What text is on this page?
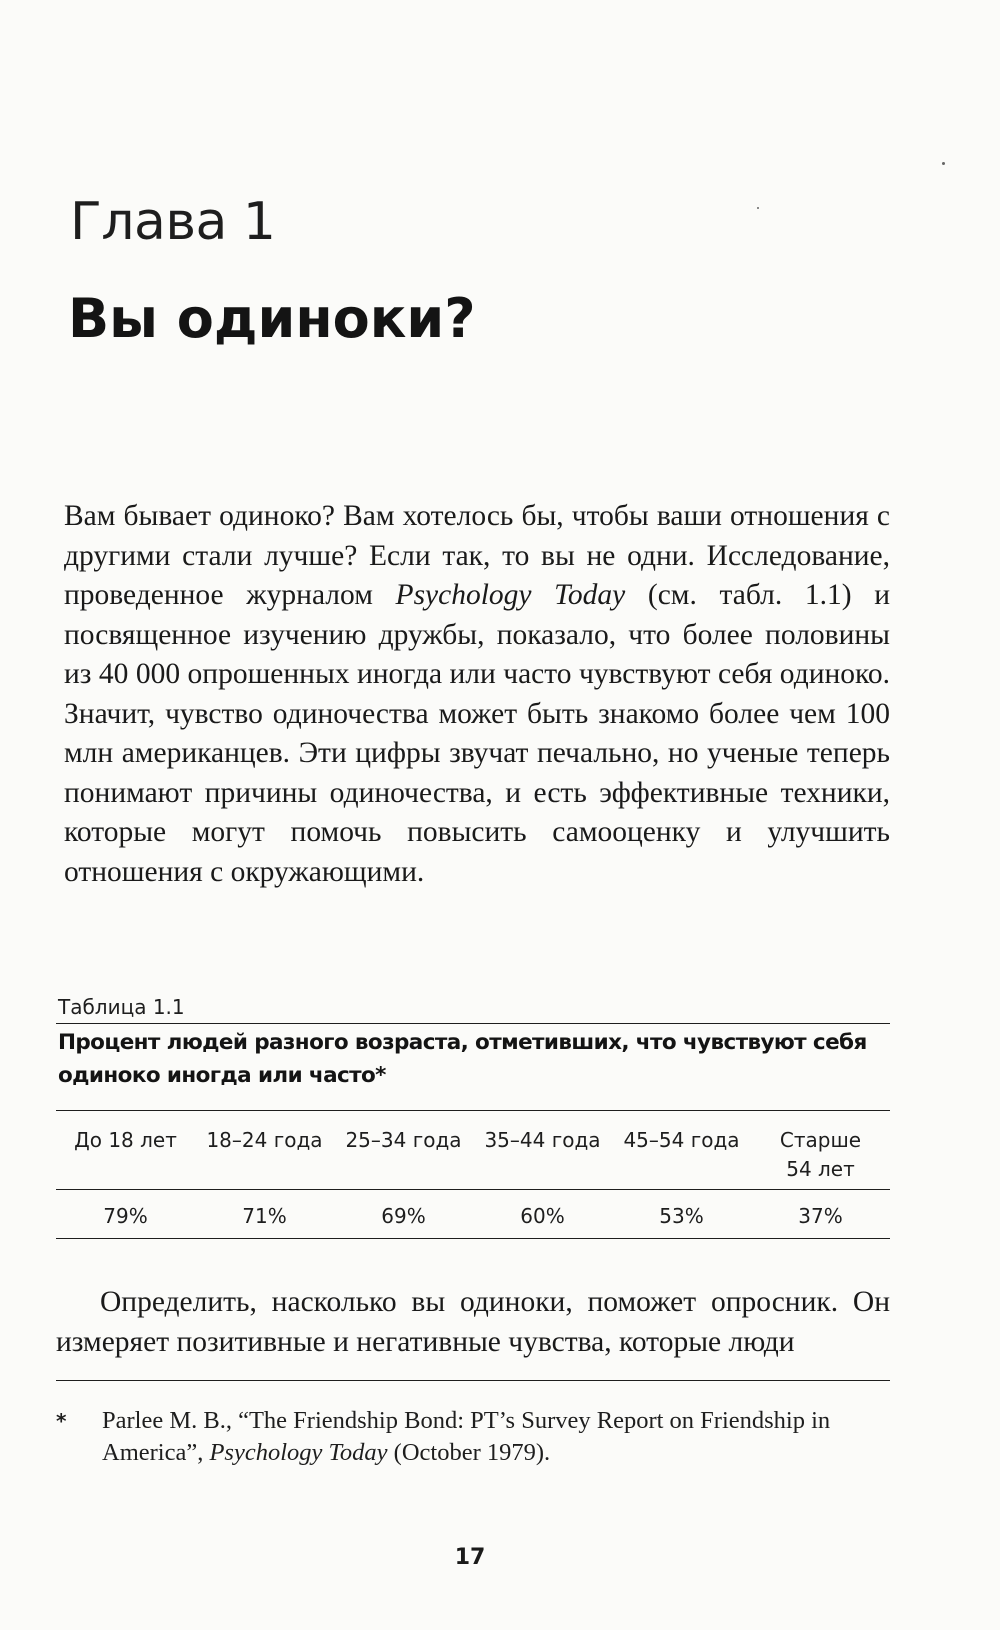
Глава 1
Вы одиноки?

Вам бывает одиноко? Вам хотелось бы, чтобы ваши отношения с другими стали лучше? Если так, то вы не одни. Исследование, проведенное журналом Psychology Today (см. табл. 1.1) и посвященное изучению дружбы, показало, что более половины из 40 000 опрошенных иногда или часто чувствуют себя одиноко. Значит, чувство одиночества может быть знакомо более чем 100 млн американцев. Эти цифры звучат печально, но ученые теперь понимают причины одиночества, и есть эффективные техники, которые могут помочь повысить самооценку и улучшить отношения с окружающими.

Таблица 1.1

Процент людей разного возраста, отметивших, что чувствуют себя одиноко иногда или часто*

До 18 лет	18–24 года	25–34 года	35–44 года	45–54 года	Старше 54 лет
79%	71%	69%	60%	53%	37%

Определить, насколько вы одиноки, поможет опросник. Он измеряет позитивные и негативные чувства, которые люди

*	Parlee M. B., “The Friendship Bond: PT’s Survey Report on Friendship in America”, Psychology Today (October 1979).
17
